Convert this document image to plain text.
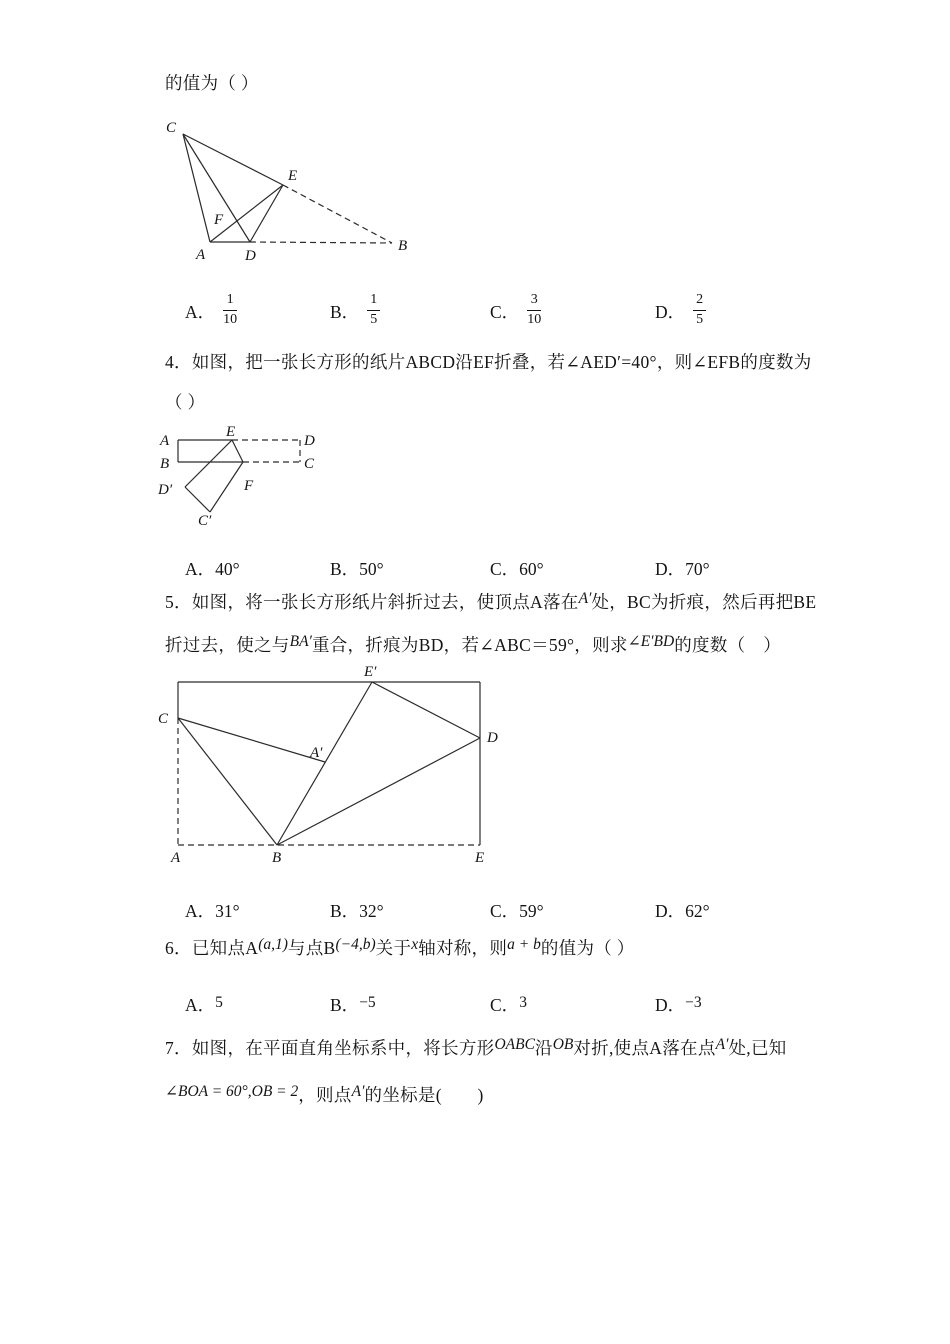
的值为（ ）
C
E
F
A	D
B
A． $\frac{1}{10}$	B． $\frac{1}{5}$	C． $\frac{3}{10}$	D． $\frac{2}{5}$
4．如图，把一张长方形的纸片ABCD沿EF折叠，若∠AED′=40°，则∠EFB的度数为
（ ）
A
E
D
B	C
D′	F
C′
A．40°	B．50°	C．60°	D．70°
5．如图，将一张长方形纸片斜折过去，使顶点A落在A′处，BC为折痕，然后再把BE
折过去，使之与BA′重合，折痕为BD，若∠ABC＝59°，则求∠E′BD的度数（　）
C
E′
A′
D
A	B	E
A．31°	B．32°	C．59°	D．62°
6．已知点A(a,1)与点B(−4,b)关于x轴对称，则a + b的值为（ ）
A．5	B．−5	C．3	D．−3
7．如图，在平面直角坐标系中，将长方形OABC沿OB对折,使点A落在点A′处,已知
∠BOA = 60°,OB = 2，则点A′的坐标是(　　)
